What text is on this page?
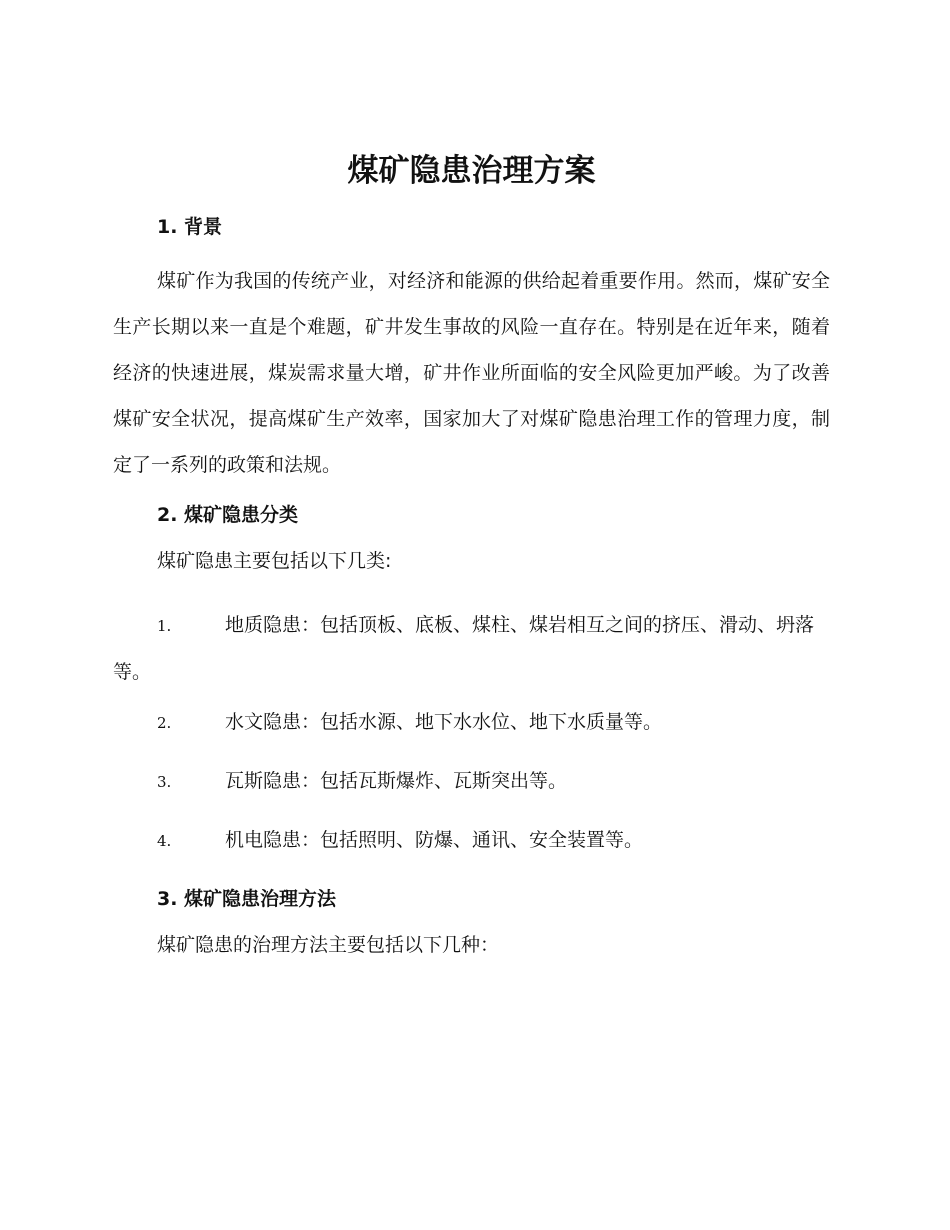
煤矿隐患治理方案
1. 背景

煤矿作为我国的传统产业，对经济和能源的供给起着重要作用。然而，煤矿安全生产长期以来一直是个难题，矿井发生事故的风险一直存在。特别是在近年来，随着经济的快速进展，煤炭需求量大增，矿井作业所面临的安全风险更加严峻。为了改善煤矿安全状况，提高煤矿生产效率，国家加大了对煤矿隐患治理工作的管理力度，制定了一系列的政策和法规。

2. 煤矿隐患分类

煤矿隐患主要包括以下几类:

1.	地质隐患：包括顶板、底板、煤柱、煤岩相互之间的挤压、滑动、坍落等。

2.	水文隐患：包括水源、地下水水位、地下水质量等。

3.	瓦斯隐患：包括瓦斯爆炸、瓦斯突出等。

4.	机电隐患：包括照明、防爆、通讯、安全装置等。

3. 煤矿隐患治理方法

煤矿隐患的治理方法主要包括以下几种：
